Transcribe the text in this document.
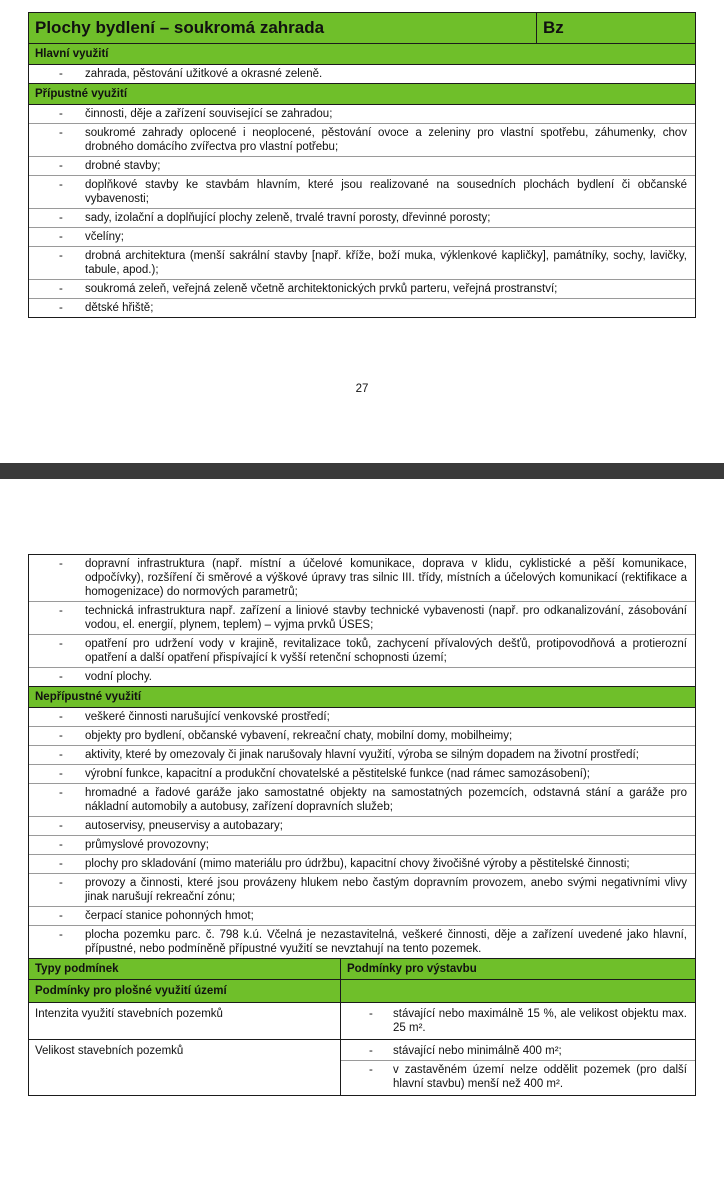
Plochy bydlení – soukromá zahrada	Bz
Hlavní využití
- zahrada, pěstování užitkové a okrasné zeleně.
Přípustné využití
- činnosti, děje a zařízení související se zahradou;
- soukromé zahrady oplocené i neoplocené, pěstování ovoce a zeleniny pro vlastní spotřebu, záhumenky, chov drobného domácího zvířectva pro vlastní potřebu;
- drobné stavby;
- doplňkové stavby ke stavbám hlavním, které jsou realizované na sousedních plochách bydlení či občanské vybavenosti;
- sady, izolační a doplňující plochy zeleně, trvalé travní porosty, dřevinné porosty;
- včelíny;
- drobná architektura (menší sakrální stavby [např. kříže, boží muka, výklenkové kapličky], památníky, sochy, lavičky, tabule, apod.);
- soukromá zeleň, veřejná zeleně včetně architektonických prvků parteru, veřejná prostranství;
- dětské hřiště;
27
- dopravní infrastruktura (např. místní a účelové komunikace, doprava v klidu, cyklistické a pěší komunikace, odpočívky), rozšíření či směrové a výškové úpravy tras silnic III. třídy, místních a účelových komunikací (rektifikace a homogenizace) do normových parametrů;
- technická infrastruktura např. zařízení a liniové stavby technické vybavenosti (např. pro odkanalizování, zásobování vodou, el. energií, plynem, teplem) – vyjma prvků ÚSES;
- opatření pro udržení vody v krajině, revitalizace toků, zachycení přívalových dešťů, protipovodňová a protierozní opatření a další opatření přispívající k vyšší retenční schopnosti území;
- vodní plochy.
Nepřípustné využití
- veškeré činnosti narušující venkovské prostředí;
- objekty pro bydlení, občanské vybavení, rekreační chaty, mobilní domy, mobilheimy;
- aktivity, které by omezovaly či jinak narušovaly hlavní využití, výroba se silným dopadem na životní prostředí;
- výrobní funkce, kapacitní a produkční chovatelské a pěstitelské funkce (nad rámec samozásobení);
- hromadné a řadové garáže jako samostatné objekty na samostatných pozemcích, odstavná stání a garáže pro nákladní automobily a autobusy, zařízení dopravních služeb;
- autoservisy, pneuservisy a autobazary;
- průmyslové provozovny;
- plochy pro skladování (mimo materiálu pro údržbu), kapacitní chovy živočišné výroby a pěstitelské činnosti;
- provozy a činnosti, které jsou provázeny hlukem nebo častým dopravním provozem, anebo svými negativními vlivy jinak narušují rekreační zónu;
- čerpací stanice pohonných hmot;
- plocha pozemku parc. č. 798 k.ú. Včelná je nezastavitelná, veškeré činnosti, děje a zařízení uvedené jako hlavní, přípustné, nebo podmíněně přípustné využití se nevztahují na tento pozemek.
Typy podmínek	Podmínky pro výstavbu
Podmínky pro plošné využití území
Intenzita využití stavebních pozemků	- stávající nebo maximálně 15 %, ale velikost objektu max. 25 m².
Velikost stavebních pozemků	- stávající nebo minimálně 400 m²;
- v zastavěném území nelze oddělit pozemek (pro další hlavní stavbu) menší než 400 m².
